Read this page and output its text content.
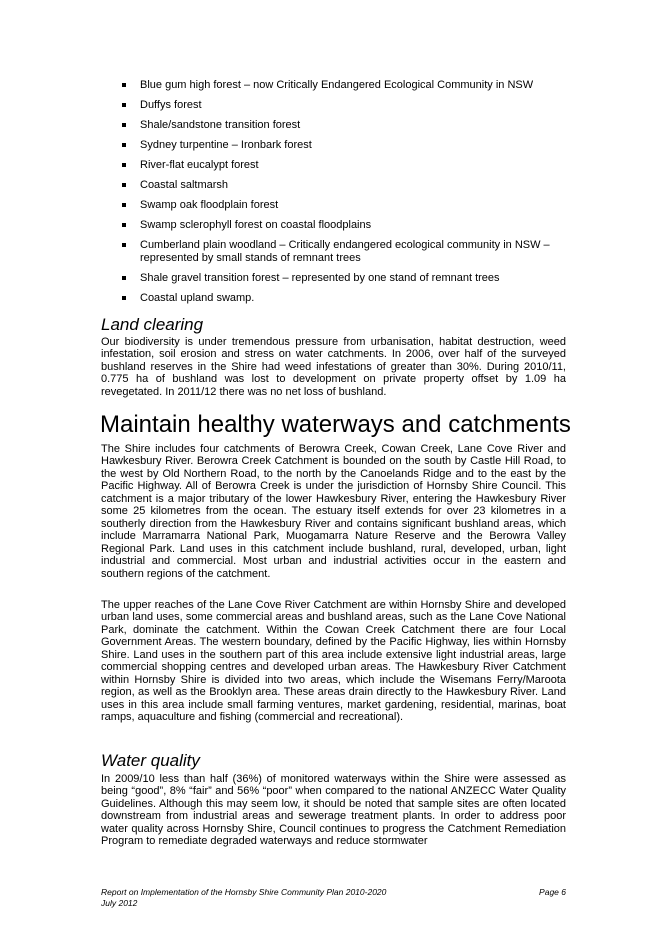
Blue gum high forest – now Critically Endangered Ecological Community in NSW
Duffys forest
Shale/sandstone transition forest
Sydney turpentine – Ironbark forest
River-flat eucalypt forest
Coastal saltmarsh
Swamp oak floodplain forest
Swamp sclerophyll forest on coastal floodplains
Cumberland plain woodland – Critically endangered ecological community in NSW – represented by small stands of remnant trees
Shale gravel transition forest – represented by one stand of remnant trees
Coastal upland swamp.
Land clearing

Our biodiversity is under tremendous pressure from urbanisation, habitat destruction, weed infestation, soil erosion and stress on water catchments. In 2006, over half of the surveyed bushland reserves in the Shire had weed infestations of greater than 30%. During 2010/11, 0.775 ha of bushland was lost to development on private property offset by 1.09 ha revegetated. In 2011/12 there was no net loss of bushland.

Maintain healthy waterways and catchments

The Shire includes four catchments of Berowra Creek, Cowan Creek, Lane Cove River and Hawkesbury River. Berowra Creek Catchment is bounded on the south by Castle Hill Road, to the west by Old Northern Road, to the north by the Canoelands Ridge and to the east by the Pacific Highway. All of Berowra Creek is under the jurisdiction of Hornsby Shire Council. This catchment is a major tributary of the lower Hawkesbury River, entering the Hawkesbury River some 25 kilometres from the ocean. The estuary itself extends for over 23 kilometres in a southerly direction from the Hawkesbury River and contains significant bushland areas, which include Marramarra National Park, Muogamarra Nature Reserve and the Berowra Valley Regional Park. Land uses in this catchment include bushland, rural, developed, urban, light industrial and commercial. Most urban and industrial activities occur in the eastern and southern regions of the catchment.

The upper reaches of the Lane Cove River Catchment are within Hornsby Shire and developed urban land uses, some commercial areas and bushland areas, such as the Lane Cove National Park, dominate the catchment. Within the Cowan Creek Catchment there are four Local Government Areas. The western boundary, defined by the Pacific Highway, lies within Hornsby Shire. Land uses in the southern part of this area include extensive light industrial areas, large commercial shopping centres and developed urban areas. The Hawkesbury River Catchment within Hornsby Shire is divided into two areas, which include the Wisemans Ferry/Maroota region, as well as the Brooklyn area. These areas drain directly to the Hawkesbury River. Land uses in this area include small farming ventures, market gardening, residential, marinas, boat ramps, aquaculture and fishing (commercial and recreational).

Water quality

In 2009/10 less than half (36%) of monitored waterways within the Shire were assessed as being “good”, 8% “fair” and 56% “poor” when compared to the national ANZECC Water Quality Guidelines. Although this may seem low, it should be noted that sample sites are often located downstream from industrial areas and sewerage treatment plants. In order to address poor water quality across Hornsby Shire, Council continues to progress the Catchment Remediation Program to remediate degraded waterways and reduce stormwater

Report on Implementation of the Hornsby Shire Community Plan 2010-2020	Page 6
July 2012
